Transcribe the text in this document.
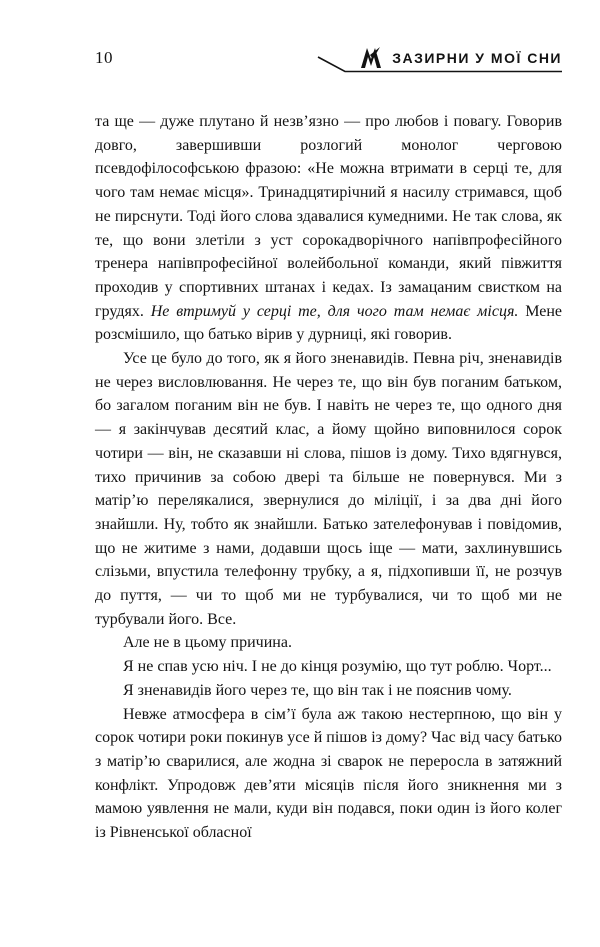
10	ЗАЗИРНИ У МОЇ СНИ

та ще — дуже плутано й незв’язно — про любов і повагу. Говорив довго, завершивши розлогий монолог черговою псевдофілософською фразою: «Не можна втримати в серці те, для чого там немає місця». Тринадцятирічний я насилу стримався, щоб не пирснути. Тоді його слова здавалися кумедними. Не так слова, як те, що вони злетіли з уст сорокадворічного напівпрофесійного тренера напівпрофесійної волейбольної команди, який півжиття проходив у спортивних штанах і кедах. Із замацаним свистком на грудях. Не втримуй у серці те, для чого там немає місця. Мене розсмішило, що батько вірив у дурниці, які говорив.

Усе це було до того, як я його зненавидів. Певна річ, зненавидів не через висловлювання. Не через те, що він був поганим батьком, бо загалом поганим він не був. І навіть не через те, що одного дня — я закінчував десятий клас, а йому щойно виповнилося сорок чотири — він, не сказавши ні слова, пішов із дому. Тихо вдягнувся, тихо причинив за собою двері та більше не повернувся. Ми з матір’ю перелякалися, звернулися до міліції, і за два дні його знайшли. Ну, тобто як знайшли. Батько зателефонував і повідомив, що не житиме з нами, додавши щось іще — мати, захлинувшись слізьми, впустила телефонну трубку, а я, підхопивши її, не розчув до пуття, — чи то щоб ми не турбувалися, чи то щоб ми не турбували його. Все.

Але не в цьому причина.

Я не спав усю ніч. І не до кінця розумію, що тут роблю. Чорт...

Я зненавидів його через те, що він так і не пояснив чому.

Невже атмосфера в сім’ї була аж такою нестерпною, що він у сорок чотири роки покинув усе й пішов із дому? Час від часу батько з матір’ю сварилися, але жодна зі сварок не переросла в затяжний конфлікт. Упродовж дев’яти місяців після його зникнення ми з мамою уявлення не мали, куди він подався, поки один із його колег із Рівненської обласної
